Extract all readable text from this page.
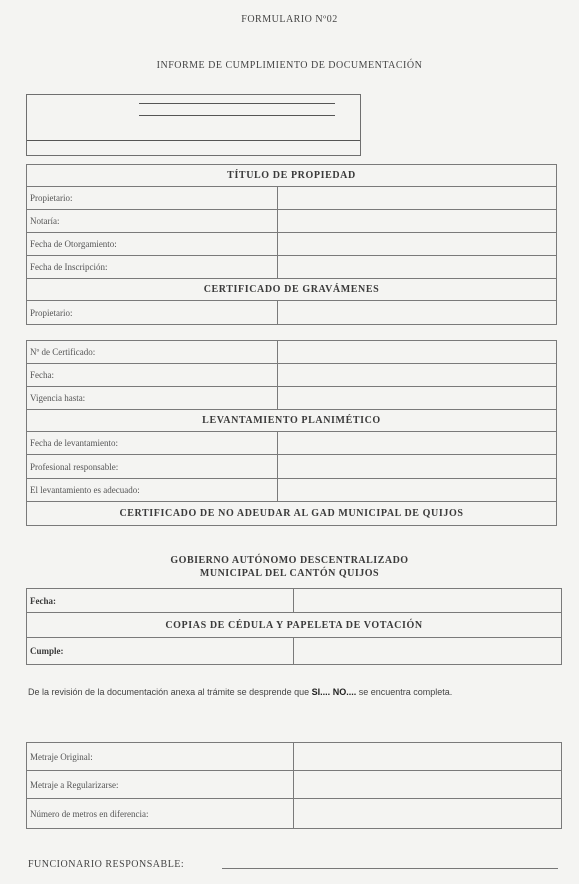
FORMULARIO Nº02
INFORME DE CUMPLIMIENTO DE DOCUMENTACIÓN
TÍTULO DE PROPIEDAD	
Propietario:	
Notaría:	
Fecha de Otorgamiento:	
Fecha de Inscripción:	
CERTIFICADO DE GRAVÁMENES	
Propietario:	
Nº de Certificado:	
Fecha:	
Vigencia hasta:	
LEVANTAMIENTO PLANIMÉTICO	
Fecha de levantamiento:	
Profesional responsable:	
El levantamiento es adecuado:	
CERTIFICADO DE NO ADEUDAR AL GAD MUNICIPAL DE QUIJOS	
GOBIERNO AUTÓNOMO DESCENTRALIZADO
MUNICIPAL DEL CANTÓN QUIJOS
Fecha:	
COPIAS DE CÉDULA Y PAPELETA DE VOTACIÓN	
Cumple:	
De la revisión de la documentación anexa al trámite se desprende que SI.... NO.... se encuentra completa.
Metraje Original:	
Metraje a Regularizarse:	
Número de metros en diferencia:	
FUNCIONARIO RESPONSABLE:
